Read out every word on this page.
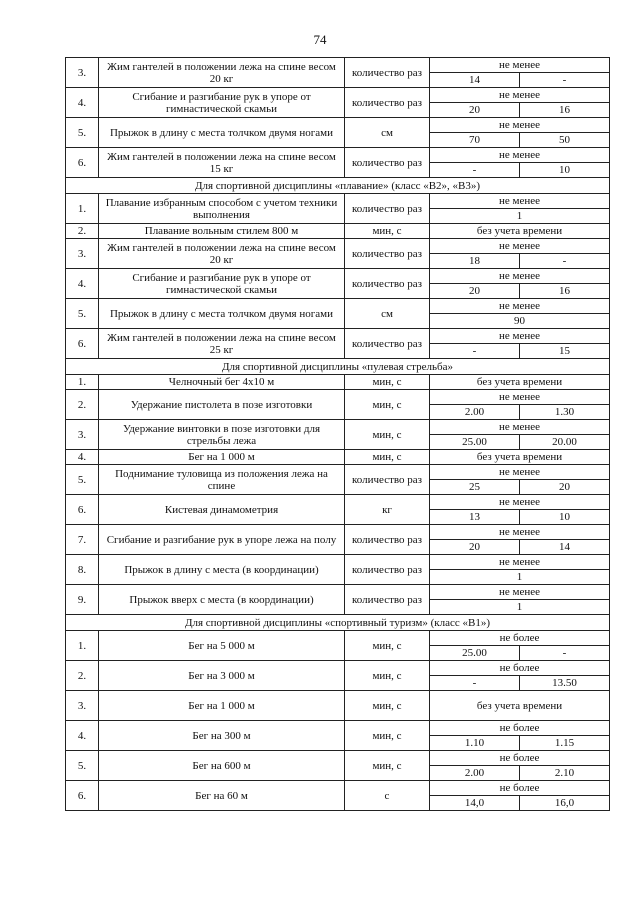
74
3.	Жим гантелей в положении лежа на спине весом 20 кг	количество раз	не менее	
			14	-
4.	Сгибание и разгибание рук в упоре от гимнастической скамьи	количество раз	не менее	
			20	16
5.	Прыжок в длину с места толчком двумя ногами	см	не менее	
			70	50
6.	Жим гантелей в положении лежа на спине весом 15 кг	количество раз	не менее	
			-	10
Для спортивной дисциплины «плавание» (класс «В2», «В3»)				
1.	Плавание избранным способом с учетом техники выполнения	количество раз	не менее	
			1	
2.	Плавание вольным стилем 800 м	мин, с	без учета времени	
3.	Жим гантелей в положении лежа на спине весом 20 кг	количество раз	не менее	
			18	-
4.	Сгибание и разгибание рук в упоре от гимнастической скамьи	количество раз	не менее	
			20	16
5.	Прыжок в длину с места толчком двумя ногами	см	не менее	
			90	
6.	Жим гантелей в положении лежа на спине весом 25 кг	количество раз	не менее	
			-	15
Для спортивной дисциплины «пулевая стрельба»				
1.	Челночный бег 4х10 м	мин, с	без учета времени	
2.	Удержание пистолета в позе изготовки	мин, с	не менее	
			2.00	1.30
3.	Удержание винтовки в позе изготовки для стрельбы лежа	мин, с	не менее	
			25.00	20.00
4.	Бег на 1 000 м	мин, с	без учета времени	
5.	Поднимание туловища из положения лежа на спине	количество раз	не менее	
			25	20
6.	Кистевая динамометрия	кг	не менее	
			13	10
7.	Сгибание и разгибание рук в упоре лежа на полу	количество раз	не менее	
			20	14
8.	Прыжок в длину с места (в координации)	количество раз	не менее	
			1	
9.	Прыжок вверх с места (в координации)	количество раз	не менее	
			1	
Для спортивной дисциплины «спортивный туризм» (класс «В1»)				
1.	Бег на 5 000 м	мин, с	не более	
			25.00	-
2.	Бег на 3 000 м	мин, с	не более	
			-	13.50
3.	Бег на 1 000 м	мин, с	без учета времени	
4.	Бег на 300 м	мин, с	не более	
			1.10	1.15
5.	Бег на 600 м	мин, с	не более	
			2.00	2.10
6.	Бег на 60 м	с	не более	
			14,0	16,0
